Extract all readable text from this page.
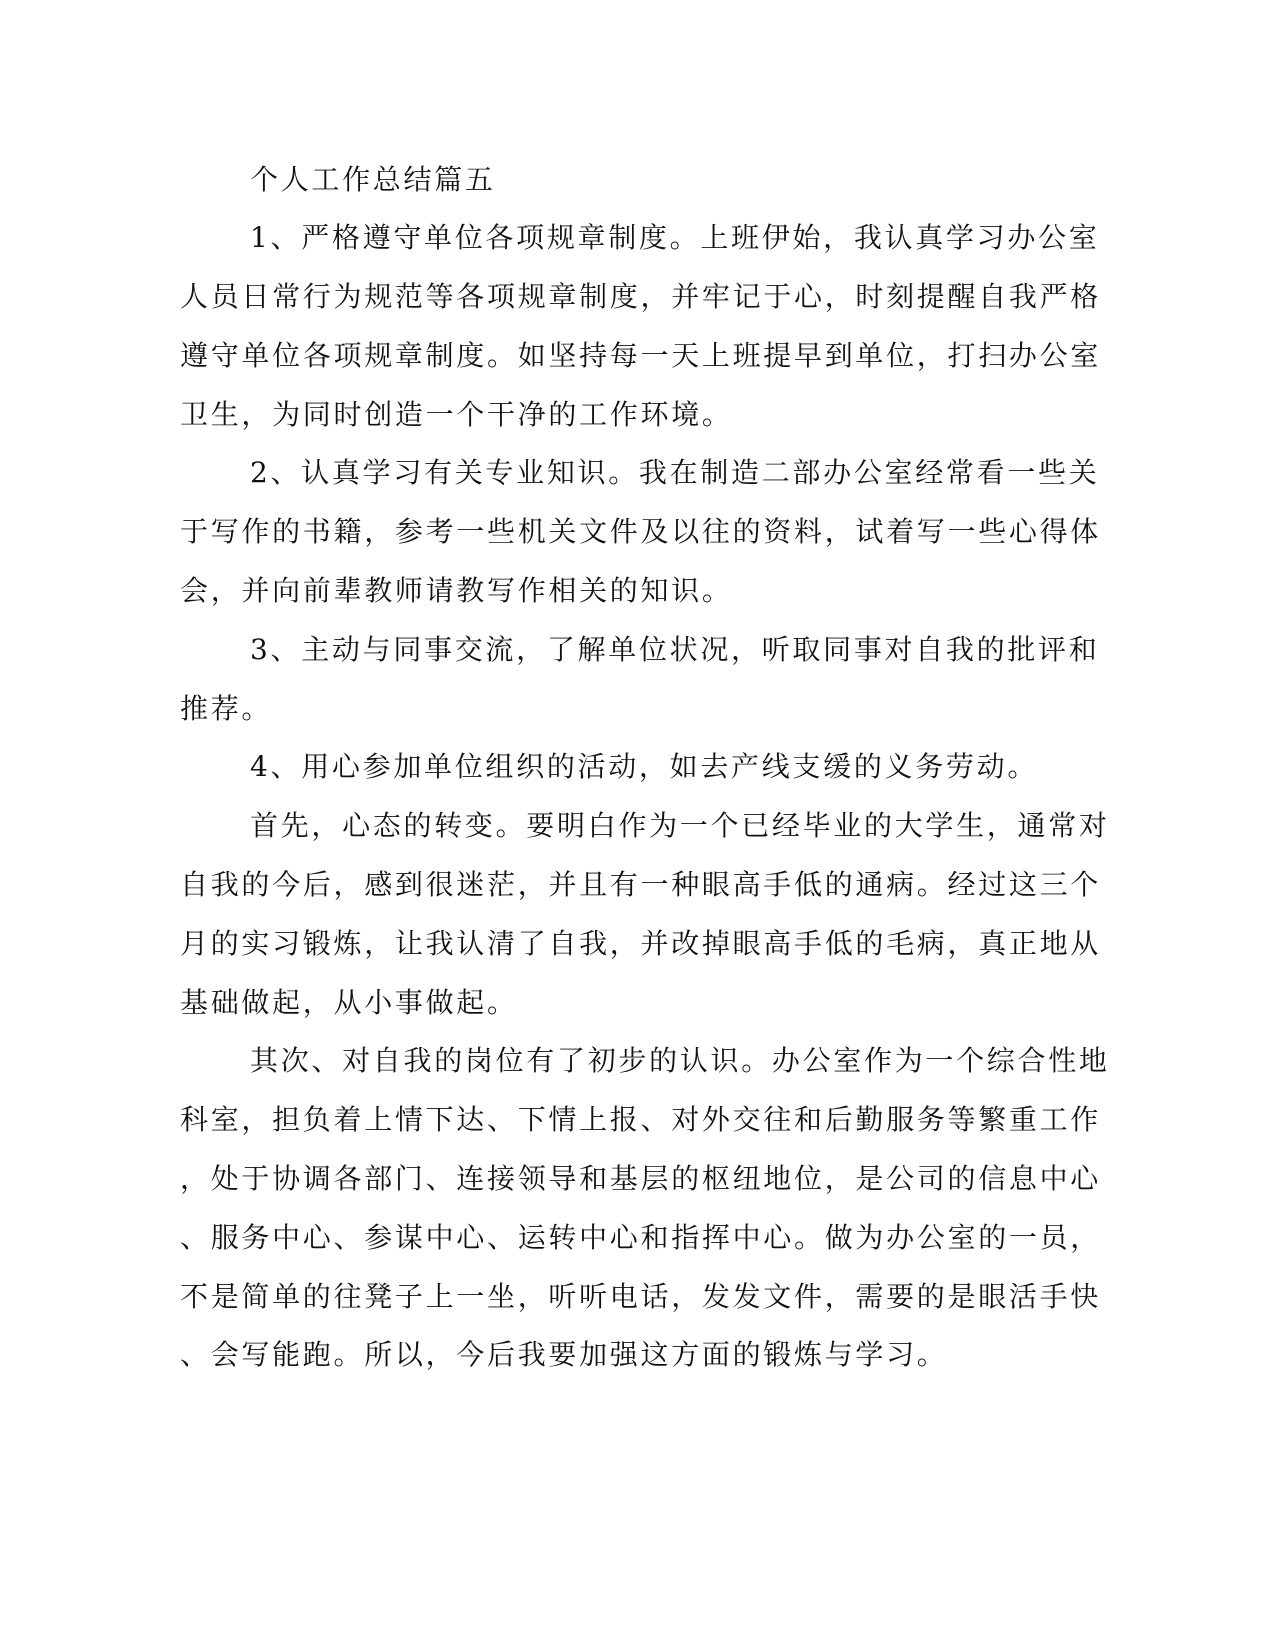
个人工作总结篇五
1、严格遵守单位各项规章制度。上班伊始，我认真学习办公室
人员日常行为规范等各项规章制度，并牢记于心，时刻提醒自我严格
遵守单位各项规章制度。如坚持每一天上班提早到单位，打扫办公室
卫生，为同时创造一个干净的工作环境。
2、认真学习有关专业知识。我在制造二部办公室经常看一些关
于写作的书籍，参考一些机关文件及以往的资料，试着写一些心得体
会，并向前辈教师请教写作相关的知识。
3、主动与同事交流，了解单位状况，听取同事对自我的批评和
推荐。
4、用心参加单位组织的活动，如去产线支缓的义务劳动。
首先，心态的转变。要明白作为一个已经毕业的大学生，通常对
自我的今后，感到很迷茫，并且有一种眼高手低的通病。经过这三个
月的实习锻炼，让我认清了自我，并改掉眼高手低的毛病，真正地从
基础做起，从小事做起。
其次、对自我的岗位有了初步的认识。办公室作为一个综合性地
科室，担负着上情下达、下情上报、对外交往和后勤服务等繁重工作
，处于协调各部门、连接领导和基层的枢纽地位，是公司的信息中心
、服务中心、参谋中心、运转中心和指挥中心。做为办公室的一员，
不是简单的往凳子上一坐，听听电话，发发文件，需要的是眼活手快
、会写能跑。所以，今后我要加强这方面的锻炼与学习。
